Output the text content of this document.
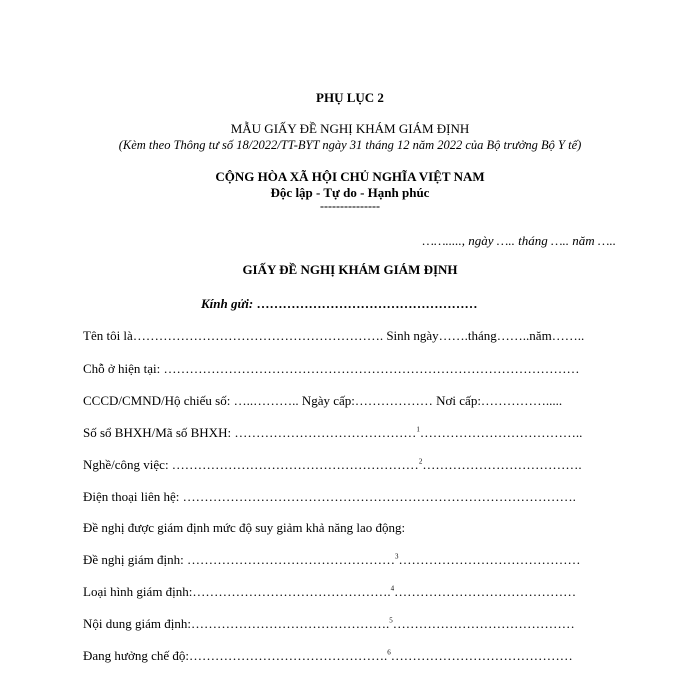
PHỤ LỤC 2
MẪU GIẤY ĐỀ NGHỊ KHÁM GIÁM ĐỊNH
(Kèm theo Thông tư số 18/2022/TT-BYT ngày 31 tháng 12 năm 2022 của Bộ trưởng Bộ Y tế)
CỘNG HÒA XÃ HỘI CHỦ NGHĨA VIỆT NAM
Độc lập - Tự do - Hạnh phúc
---------------
……....., ngày ….. tháng ….. năm …..
GIẤY ĐỀ NGHỊ KHÁM GIÁM ĐỊNH
Kính gửi: ……………………………………………
Tên tôi là…………………………………………………. Sinh ngày…….tháng……..năm……..
Chỗ ở hiện tại: ……………………………………………………………………………………
CCCD/CMND/Hộ chiếu số: …..……….. Ngày cấp:……………… Nơi cấp:…………….....
Số sổ BHXH/Mã số BHXH: ……………………………………$^1$………………………………..
Nghề/công việc: …………………………………………………$^2$……………………………….
Điện thoại liên hệ: ……………………………………………………………………………….
Đề nghị được giám định mức độ suy giảm khả năng lao động:
Đề nghị giám định: …………………………………………$^3$……………………………………
Loại hình giám định:……………………………………….$^4$……………………………………
Nội dung giám định:……………………………………….$^5$……………………………………
Đang hưởng chế độ:……………………………………….$^6$……………………………………
